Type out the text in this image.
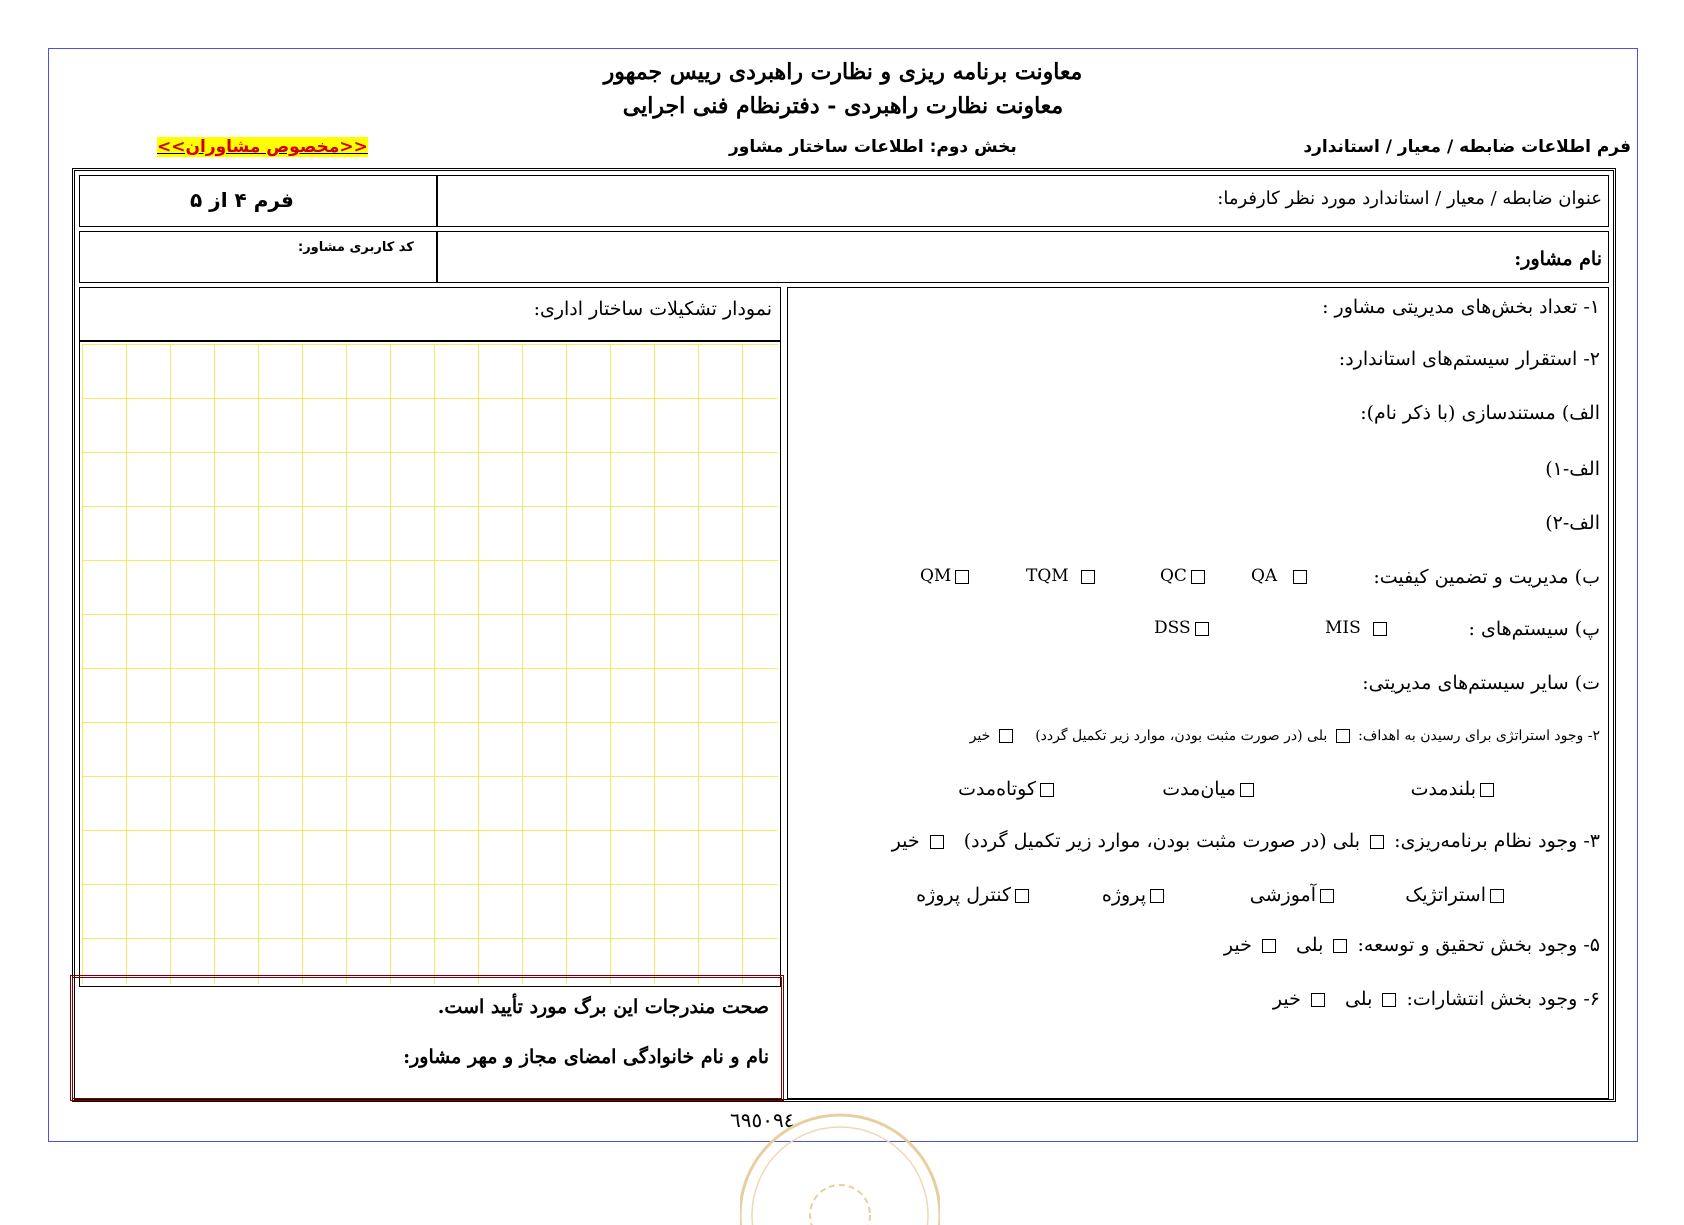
معاونت برنامه ریزی و نظارت راهبردی رییس جمهور
معاونت نظارت راهبردی - دفترنظام فنی اجرایی
فرم اطلاعات ضابطه / معیار / استاندارد
بخش دوم: اطلاعات ساختار مشاور
<<مخصوص مشاوران>>
عنوان ضابطه / معیار / استاندارد مورد نظر کارفرما:
فرم ۴ از ۵
نام مشاور:
کد کاربری مشاور:
۱- تعداد بخش‌های مدیریتی مشاور :
۲- استقرار سیستم‌های استاندارد:
الف) مستندسازی (با ذکر نام):
الف-۱)
الف-۲)
ب) مدیریت و تضمین کیفیت:
QA
QC
TQM
QM
پ) سیستم‌های :
MIS
DSS
ت) سایر سیستم‌های مدیریتی:
۲- وجود استراتژی برای رسیدن به اهداف:  بلی (در صورت مثبت بودن، موارد زیر تکمیل گردد)  خیر
بلندمدت
میان‌مدت
کوتاه‌مدت
۳- وجود نظام برنامه‌ریزی:  بلی (در صورت مثبت بودن، موارد زیر تکمیل گردد)  خیر
استراتژیک
آموزشی
پروژه
کنترل پروژه
۵- وجود بخش تحقیق و توسعه:  بلی  خیر
۶- وجود بخش انتشارات:  بلی  خیر
نمودار تشکیلات ساختار اداری:
صحت مندرجات این برگ مورد تأیید است.
نام و نام خانوادگی امضای مجاز و مهر مشاور:
٦٩٥٠٩٤
